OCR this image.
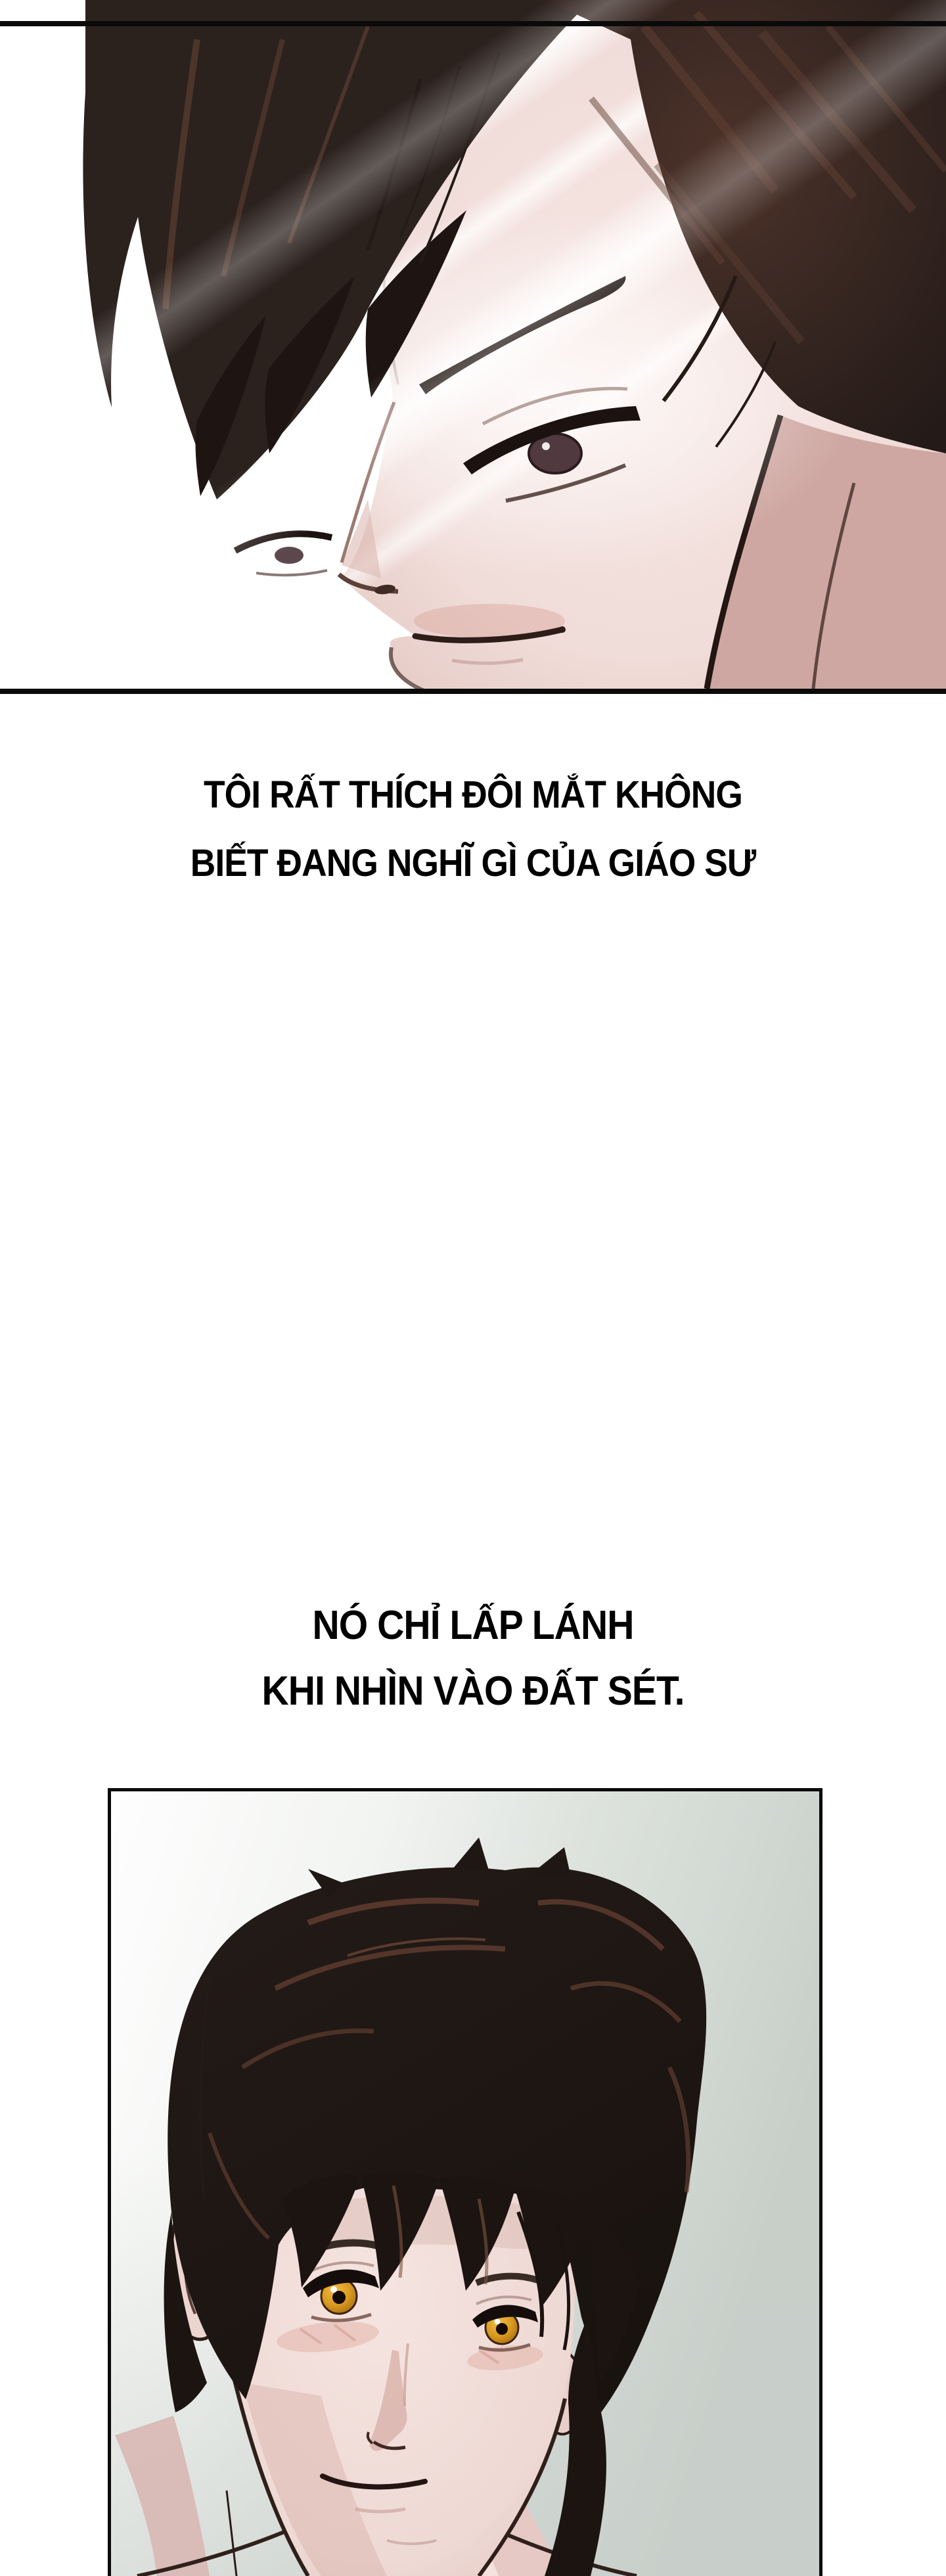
TÔI RẤT THÍCH ĐÔI MẮT KHÔNG
BIẾT ĐANG NGHĨ GÌ CỦA GIÁO SƯ
NÓ CHỈ LẤP LÁNH
KHI NHÌN VÀO ĐẤT SÉT.
